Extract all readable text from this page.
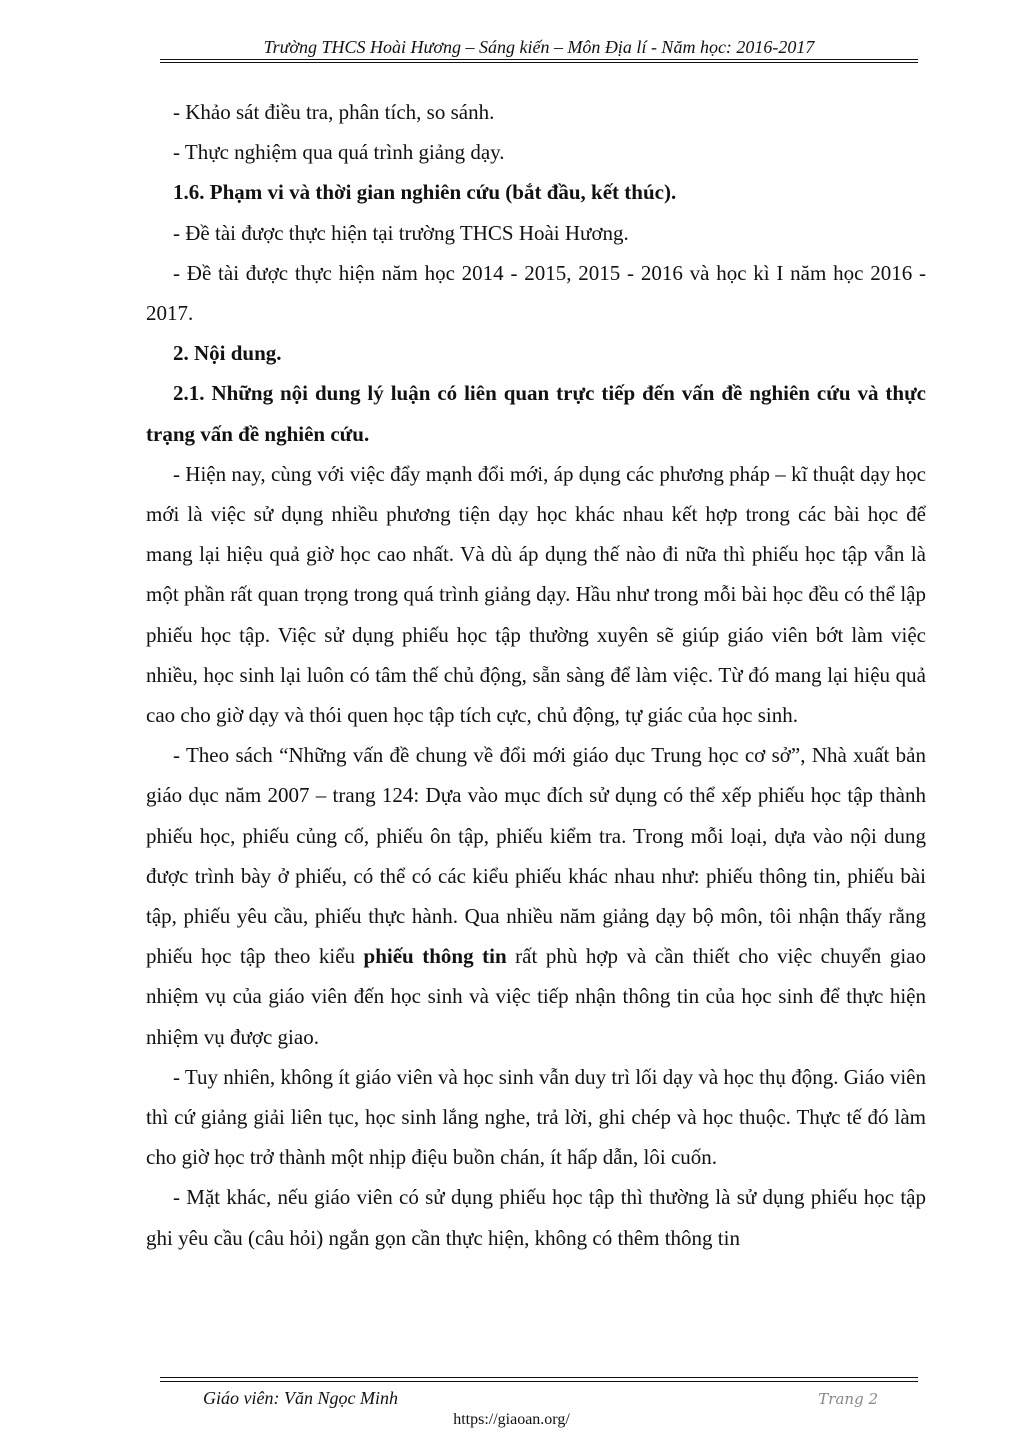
Trường THCS Hoài Hương – Sáng kiến – Môn Địa lí - Năm học: 2016-2017

- Khảo sát điều tra, phân tích, so sánh.

- Thực nghiệm qua quá trình giảng dạy.

1.6. Phạm vi và thời gian nghiên cứu (bắt đầu, kết thúc).

- Đề tài được thực hiện tại trường THCS Hoài Hương.

- Đề tài được thực hiện năm học 2014 - 2015, 2015 - 2016 và học kì I năm học 2016 - 2017.

2. Nội dung.

2.1. Những nội dung lý luận có liên quan trực tiếp đến vấn đề nghiên cứu và thực trạng vấn đề nghiên cứu.

- Hiện nay, cùng với việc đẩy mạnh đổi mới, áp dụng các phương pháp – kĩ thuật dạy học mới là việc sử dụng nhiều phương tiện dạy học khác nhau kết hợp trong các bài học để mang lại hiệu quả giờ học cao nhất. Và dù áp dụng thế nào đi nữa thì phiếu học tập vẫn là một phần rất quan trọng trong quá trình giảng dạy. Hầu như trong mỗi bài học đều có thể lập phiếu học tập. Việc sử dụng phiếu học tập thường xuyên sẽ giúp giáo viên bớt làm việc nhiều, học sinh lại luôn có tâm thế chủ động, sẵn sàng để làm việc. Từ đó mang lại hiệu quả cao cho giờ dạy và thói quen học tập tích cực, chủ động, tự giác của học sinh.

- Theo sách “Những vấn đề chung về đổi mới giáo dục Trung học cơ sở”, Nhà xuất bản giáo dục năm 2007 – trang 124: Dựa vào mục đích sử dụng có thể xếp phiếu học tập thành phiếu học, phiếu củng cố, phiếu ôn tập, phiếu kiểm tra. Trong mỗi loại, dựa vào nội dung được trình bày ở phiếu, có thể có các kiểu phiếu khác nhau như: phiếu thông tin, phiếu bài tập, phiếu yêu cầu, phiếu thực hành. Qua nhiều năm giảng dạy bộ môn, tôi nhận thấy rằng phiếu học tập theo kiểu phiếu thông tin rất phù hợp và cần thiết cho việc chuyển giao nhiệm vụ của giáo viên đến học sinh và việc tiếp nhận thông tin của học sinh để thực hiện nhiệm vụ được giao.

- Tuy nhiên, không ít giáo viên và học sinh vẫn duy trì lối dạy và học thụ động. Giáo viên thì cứ giảng giải liên tục, học sinh lắng nghe, trả lời, ghi chép và học thuộc. Thực tế đó làm cho giờ học trở thành một nhịp điệu buồn chán, ít hấp dẫn, lôi cuốn.

- Mặt khác, nếu giáo viên có sử dụng phiếu học tập thì thường là sử dụng phiếu học tập ghi yêu cầu (câu hỏi) ngắn gọn cần thực hiện, không có thêm thông tin

Giáo viên: Văn Ngọc Minh	Trang 2
https://giaoan.org/
